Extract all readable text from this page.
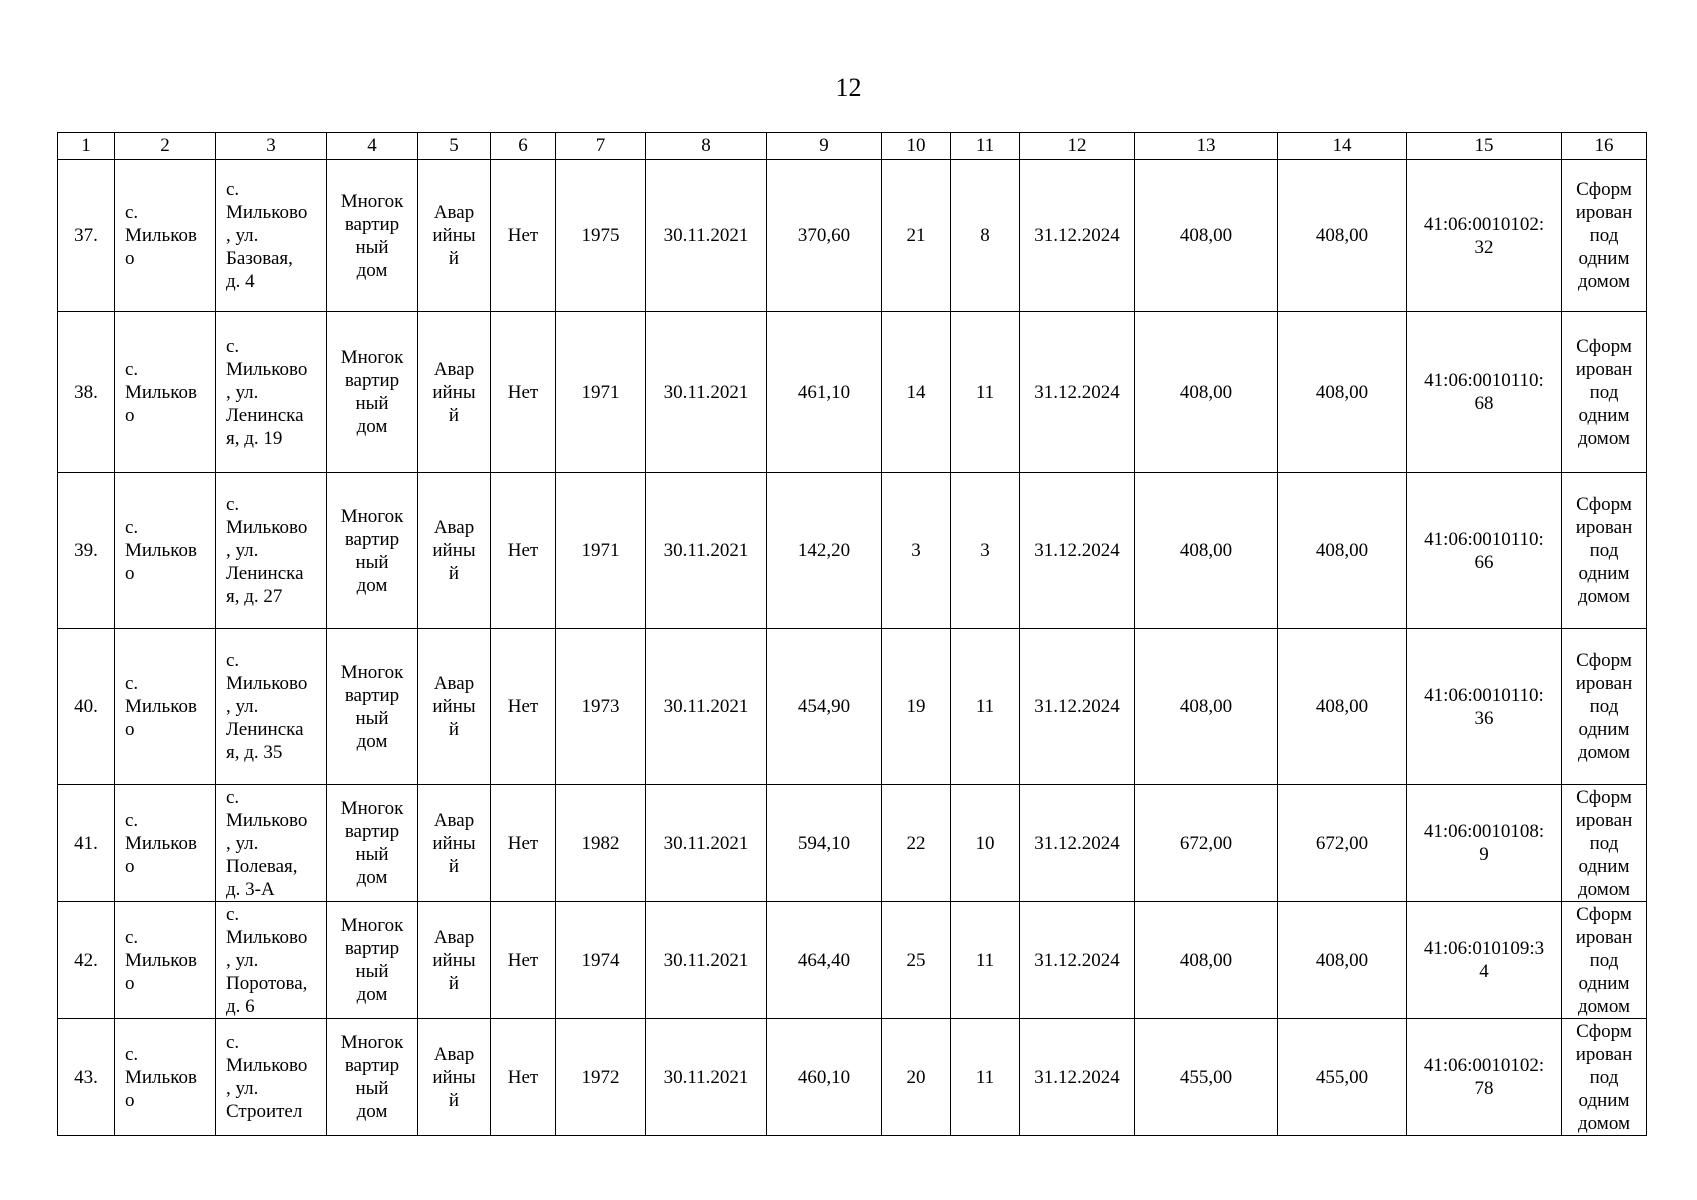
12
1	2	3	4	5	6	7	8	9	10	11	12	13	14	15	16
37.	с.
Мильков
о	с.
Мильково
, ул.
Базовая,
д. 4	Многок
вартир
ный
дом	Авар
ийны
й	Нет	1975	30.11.2021	370,60	21	8	31.12.2024	408,00	408,00	41:06:0010102:
32	Сформ
ирован
под
одним
домом
38.	с.
Мильков
о	с.
Мильково
, ул.
Ленинска
я, д. 19	Многок
вартир
ный
дом	Авар
ийны
й	Нет	1971	30.11.2021	461,10	14	11	31.12.2024	408,00	408,00	41:06:0010110:
68	Сформ
ирован
под
одним
домом
39.	с.
Мильков
о	с.
Мильково
, ул.
Ленинска
я, д. 27	Многок
вартир
ный
дом	Авар
ийны
й	Нет	1971	30.11.2021	142,20	3	3	31.12.2024	408,00	408,00	41:06:0010110:
66	Сформ
ирован
под
одним
домом
40.	с.
Мильков
о	с.
Мильково
, ул.
Ленинска
я, д. 35	Многок
вартир
ный
дом	Авар
ийны
й	Нет	1973	30.11.2021	454,90	19	11	31.12.2024	408,00	408,00	41:06:0010110:
36	Сформ
ирован
под
одним
домом
41.	с.
Мильков
о	с.
Мильково
, ул.
Полевая,
д. 3-А	Многок
вартир
ный
дом	Авар
ийны
й	Нет	1982	30.11.2021	594,10	22	10	31.12.2024	672,00	672,00	41:06:0010108:
9	Сформ
ирован
под
одним
домом
42.	с.
Мильков
о	с.
Мильково
, ул.
Поротова,
д. 6	Многок
вартир
ный
дом	Авар
ийны
й	Нет	1974	30.11.2021	464,40	25	11	31.12.2024	408,00	408,00	41:06:010109:3
4	Сформ
ирован
под
одним
домом
43.	с.
Мильков
о	с.
Мильково
, ул.
Строител	Многок
вартир
ный
дом	Авар
ийны
й	Нет	1972	30.11.2021	460,10	20	11	31.12.2024	455,00	455,00	41:06:0010102:
78	Сформ
ирован
под
одним
домом
